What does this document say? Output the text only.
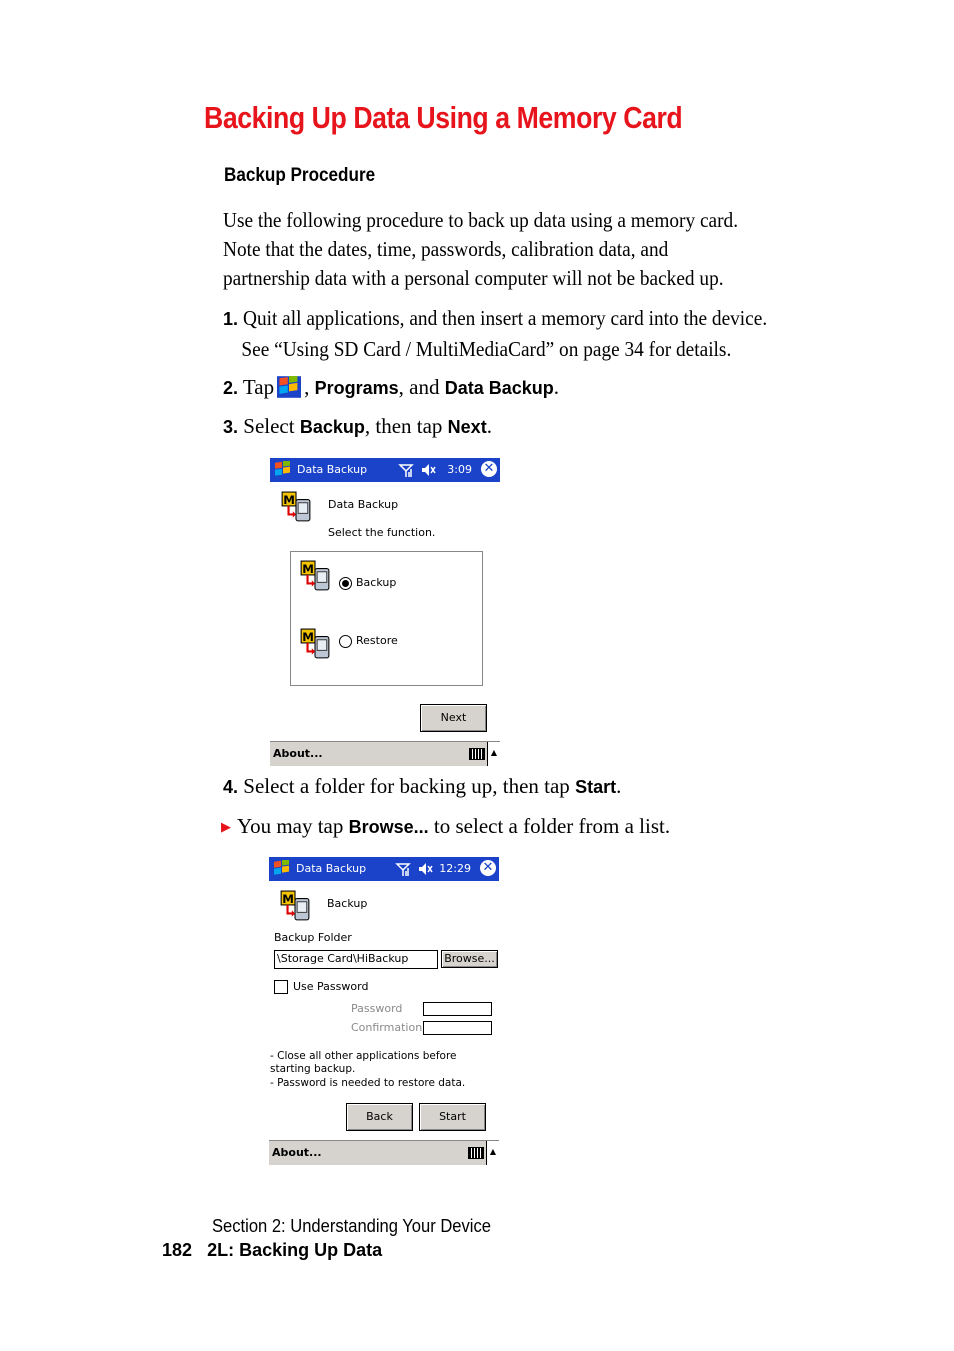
Backing Up Data Using a Memory Card
Backup Procedure
Use the following procedure to back up data using a memory card. Note that the dates, time, passwords, calibration data, and partnership data with a personal computer will not be backed up.
1. Quit all applications, and then insert a memory card into the device.
See “Using SD Card / MultiMediaCard” on page 34 for details.
2. Tap , Programs, and Data Backup.
3. Select Backup, then tap Next.
Data Backup	3:09 ✕
Data Backup
Select the function.
Backup
Restore
Next
About...	▲
4. Select a folder for backing up, then tap Start.
▶ You may tap Browse... to select a folder from a list.
Data Backup	12:29 ✕
Backup
Backup Folder
\Storage Card\HiBackup	Browse...
Use Password
Password
Confirmation
- Close all other applications before
starting backup.
- Password is needed to restore data.
Back	Start
About...	▲
Section 2: Understanding Your Device
182 2L: Backing Up Data
